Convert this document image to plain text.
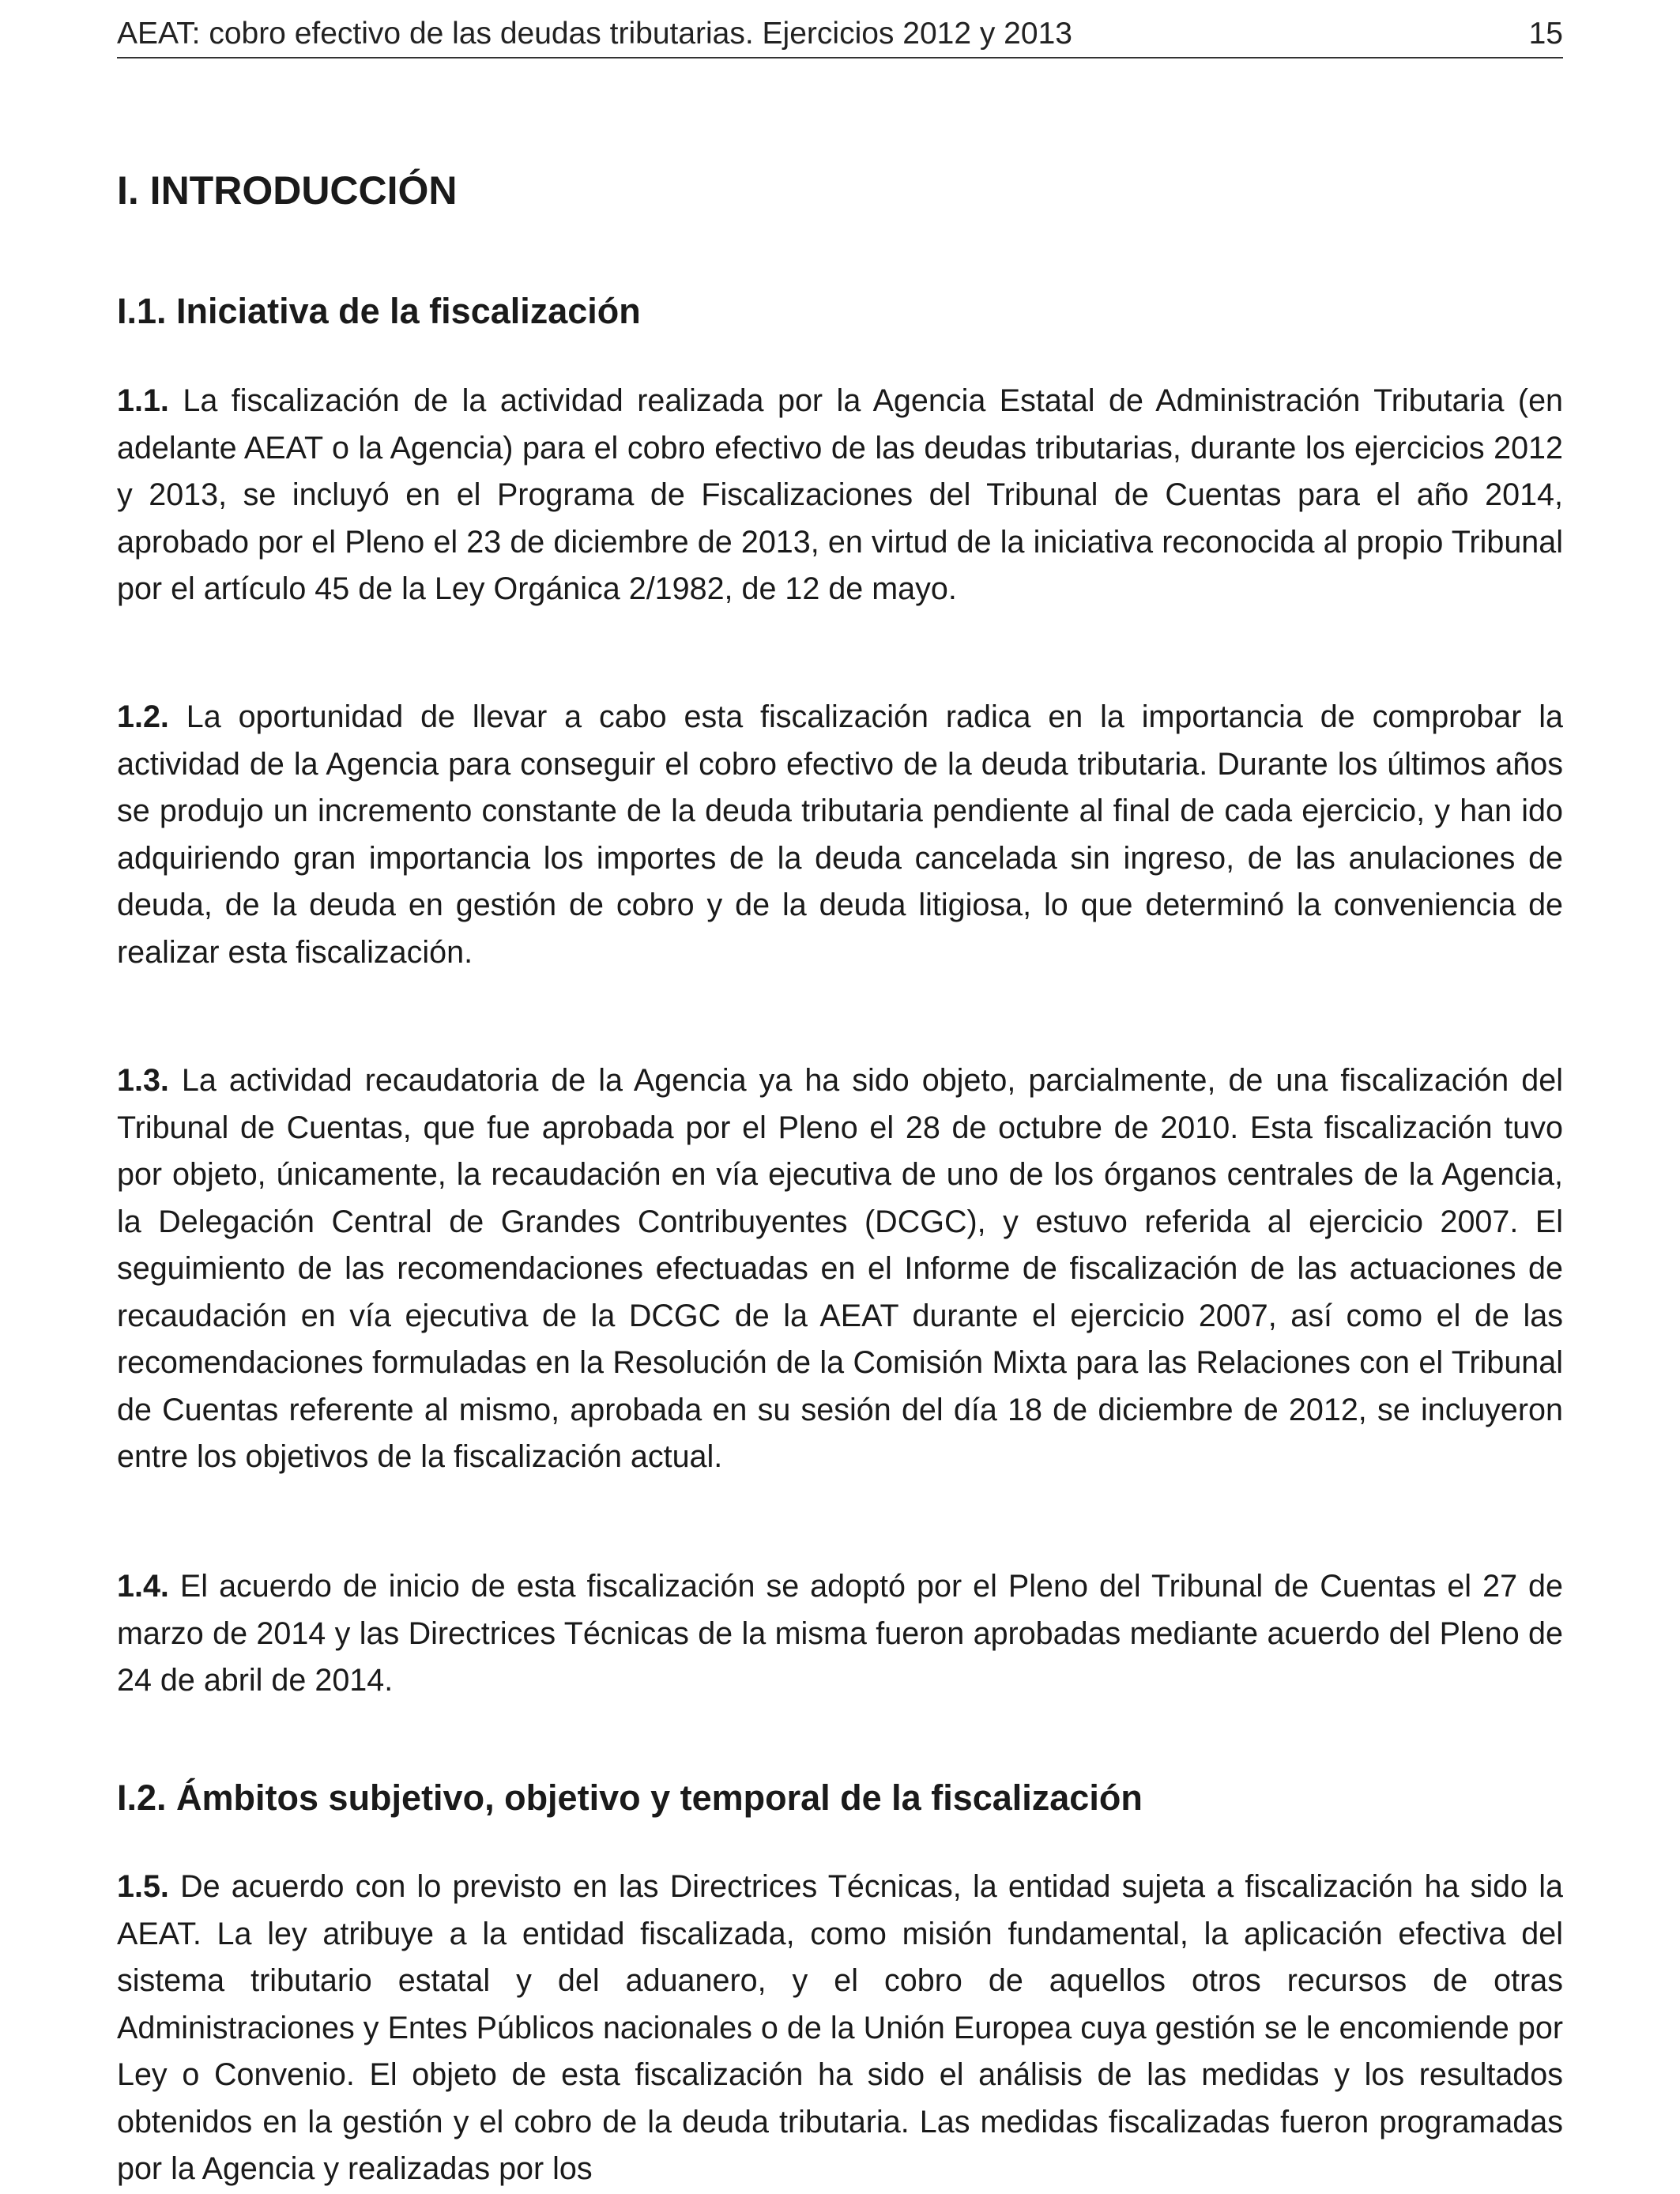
AEAT: cobro efectivo de las deudas tributarias. Ejercicios 2012 y 2013	15
I. INTRODUCCIÓN
I.1. Iniciativa de la fiscalización

1.1. La fiscalización de la actividad realizada por la Agencia Estatal de Administración Tributaria (en adelante AEAT o la Agencia) para el cobro efectivo de las deudas tributarias, durante los ejercicios 2012 y 2013, se incluyó en el Programa de Fiscalizaciones del Tribunal de Cuentas para el año 2014, aprobado por el Pleno el 23 de diciembre de 2013, en virtud de la iniciativa reconocida al propio Tribunal por el artículo 45 de la Ley Orgánica 2/1982, de 12 de mayo.

1.2. La oportunidad de llevar a cabo esta fiscalización radica en la importancia de comprobar la actividad de la Agencia para conseguir el cobro efectivo de la deuda tributaria. Durante los últimos años se produjo un incremento constante de la deuda tributaria pendiente al final de cada ejercicio, y han ido adquiriendo gran importancia los importes de la deuda cancelada sin ingreso, de las anulaciones de deuda, de la deuda en gestión de cobro y de la deuda litigiosa, lo que determinó la conveniencia de realizar esta fiscalización.

1.3. La actividad recaudatoria de la Agencia ya ha sido objeto, parcialmente, de una fiscalización del Tribunal de Cuentas, que fue aprobada por el Pleno el 28 de octubre de 2010. Esta fiscalización tuvo por objeto, únicamente, la recaudación en vía ejecutiva de uno de los órganos centrales de la Agencia, la Delegación Central de Grandes Contribuyentes (DCGC), y estuvo referida al ejercicio 2007. El seguimiento de las recomendaciones efectuadas en el Informe de fiscalización de las actuaciones de recaudación en vía ejecutiva de la DCGC de la AEAT durante el ejercicio 2007, así como el de las recomendaciones formuladas en la Resolución de la Comisión Mixta para las Relaciones con el Tribunal de Cuentas referente al mismo, aprobada en su sesión del día 18 de diciembre de 2012, se incluyeron entre los objetivos de la fiscalización actual.

1.4. El acuerdo de inicio de esta fiscalización se adoptó por el Pleno del Tribunal de Cuentas el 27 de marzo de 2014 y las Directrices Técnicas de la misma fueron aprobadas mediante acuerdo del Pleno de 24 de abril de 2014.

I.2. Ámbitos subjetivo, objetivo y temporal de la fiscalización

1.5. De acuerdo con lo previsto en las Directrices Técnicas, la entidad sujeta a fiscalización ha sido la AEAT. La ley atribuye a la entidad fiscalizada, como misión fundamental, la aplicación efectiva del sistema tributario estatal y del aduanero, y el cobro de aquellos otros recursos de otras Administraciones y Entes Públicos nacionales o de la Unión Europea cuya gestión se le encomiende por Ley o Convenio. El objeto de esta fiscalización ha sido el análisis de las medidas y los resultados obtenidos en la gestión y el cobro de la deuda tributaria. Las medidas fiscalizadas fueron programadas por la Agencia y realizadas por los
